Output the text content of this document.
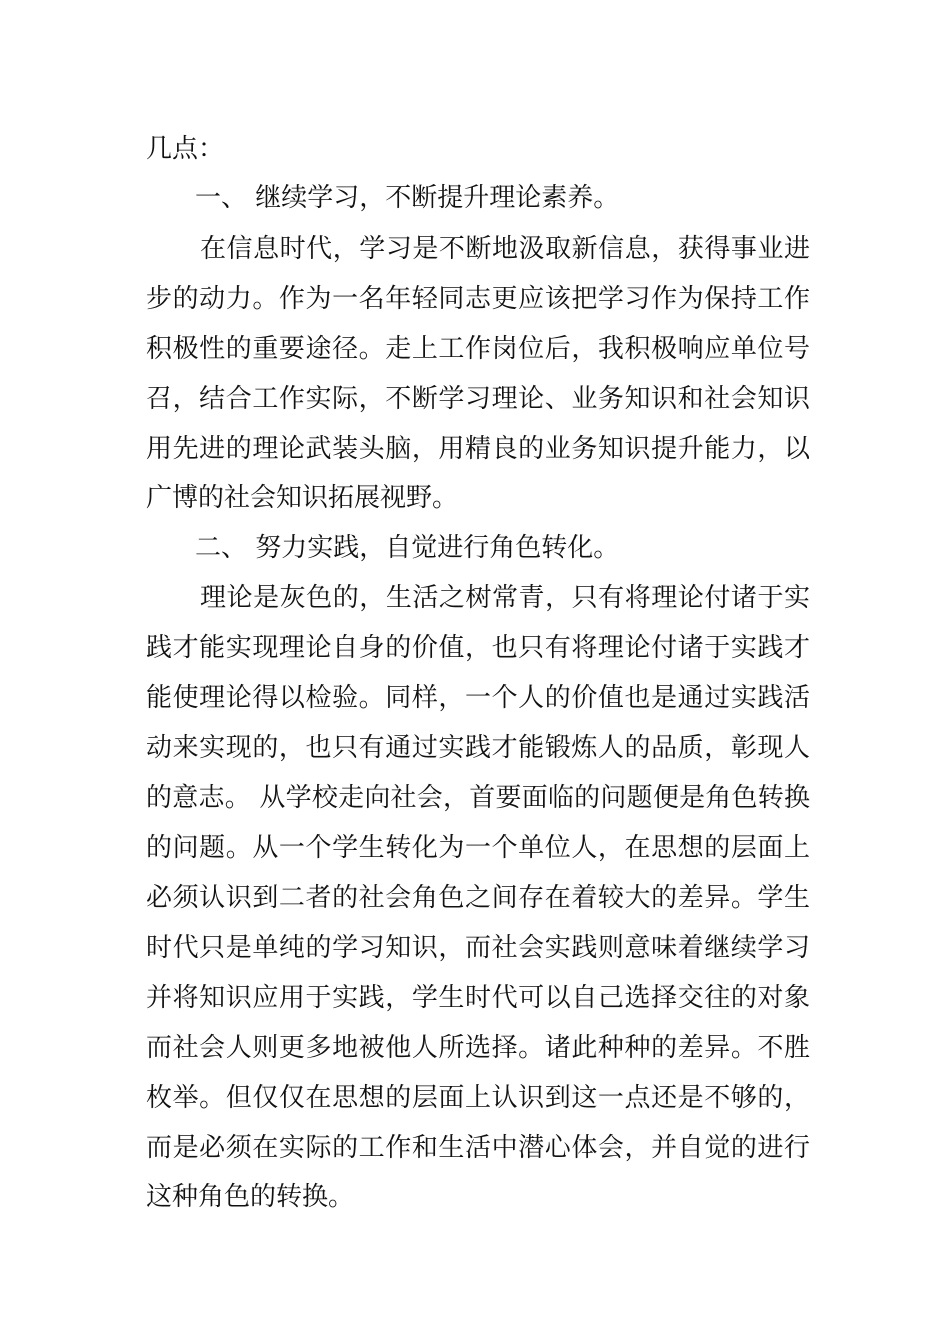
几点：

一、 继续学习，不断提升理论素养。

在信息时代，学习是不断地汲取新信息，获得事业进

步的动力。作为一名年轻同志更应该把学习作为保持工作

积极性的重要途径。走上工作岗位后，我积极响应单位号

召，结合工作实际，不断学习理论、业务知识和社会知识

用先进的理论武装头脑，用精良的业务知识提升能力，以

广博的社会知识拓展视野。

二、 努力实践，自觉进行角色转化。

理论是灰色的，生活之树常青，只有将理论付诸于实

践才能实现理论自身的价值，也只有将理论付诸于实践才

能使理论得以检验。同样，一个人的价值也是通过实践活

动来实现的，也只有通过实践才能锻炼人的品质，彰现人

的意志。 从学校走向社会，首要面临的问题便是角色转换

的问题。从一个学生转化为一个单位人，在思想的层面上

必须认识到二者的社会角色之间存在着较大的差异。学生

时代只是单纯的学习知识，而社会实践则意味着继续学习

并将知识应用于实践，学生时代可以自己选择交往的对象

而社会人则更多地被他人所选择。诸此种种的差异。不胜

枚举。但仅仅在思想的层面上认识到这一点还是不够的，

而是必须在实际的工作和生活中潜心体会，并自觉的进行

这种角色的转换。
